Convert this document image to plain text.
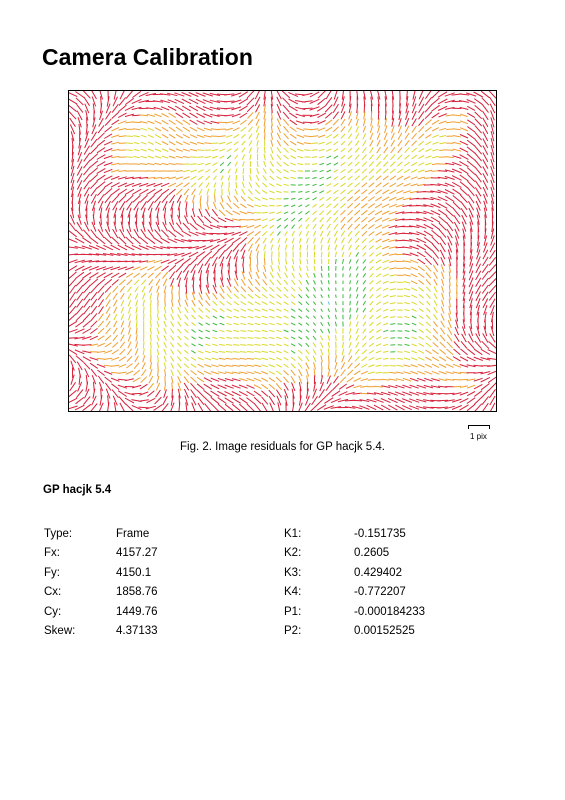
Camera Calibration
1 pix
Fig. 2. Image residuals for GP hacjk 5.4.
GP hacjk 5.4
Type:	Frame	K1:	-0.151735
Fx:	4157.27	K2:	0.2605
Fy:	4150.1	K3:	0.429402
Cx:	1858.76	K4:	-0.772207
Cy:	1449.76	P1:	-0.000184233
Skew:	4.37133	P2:	0.00152525
